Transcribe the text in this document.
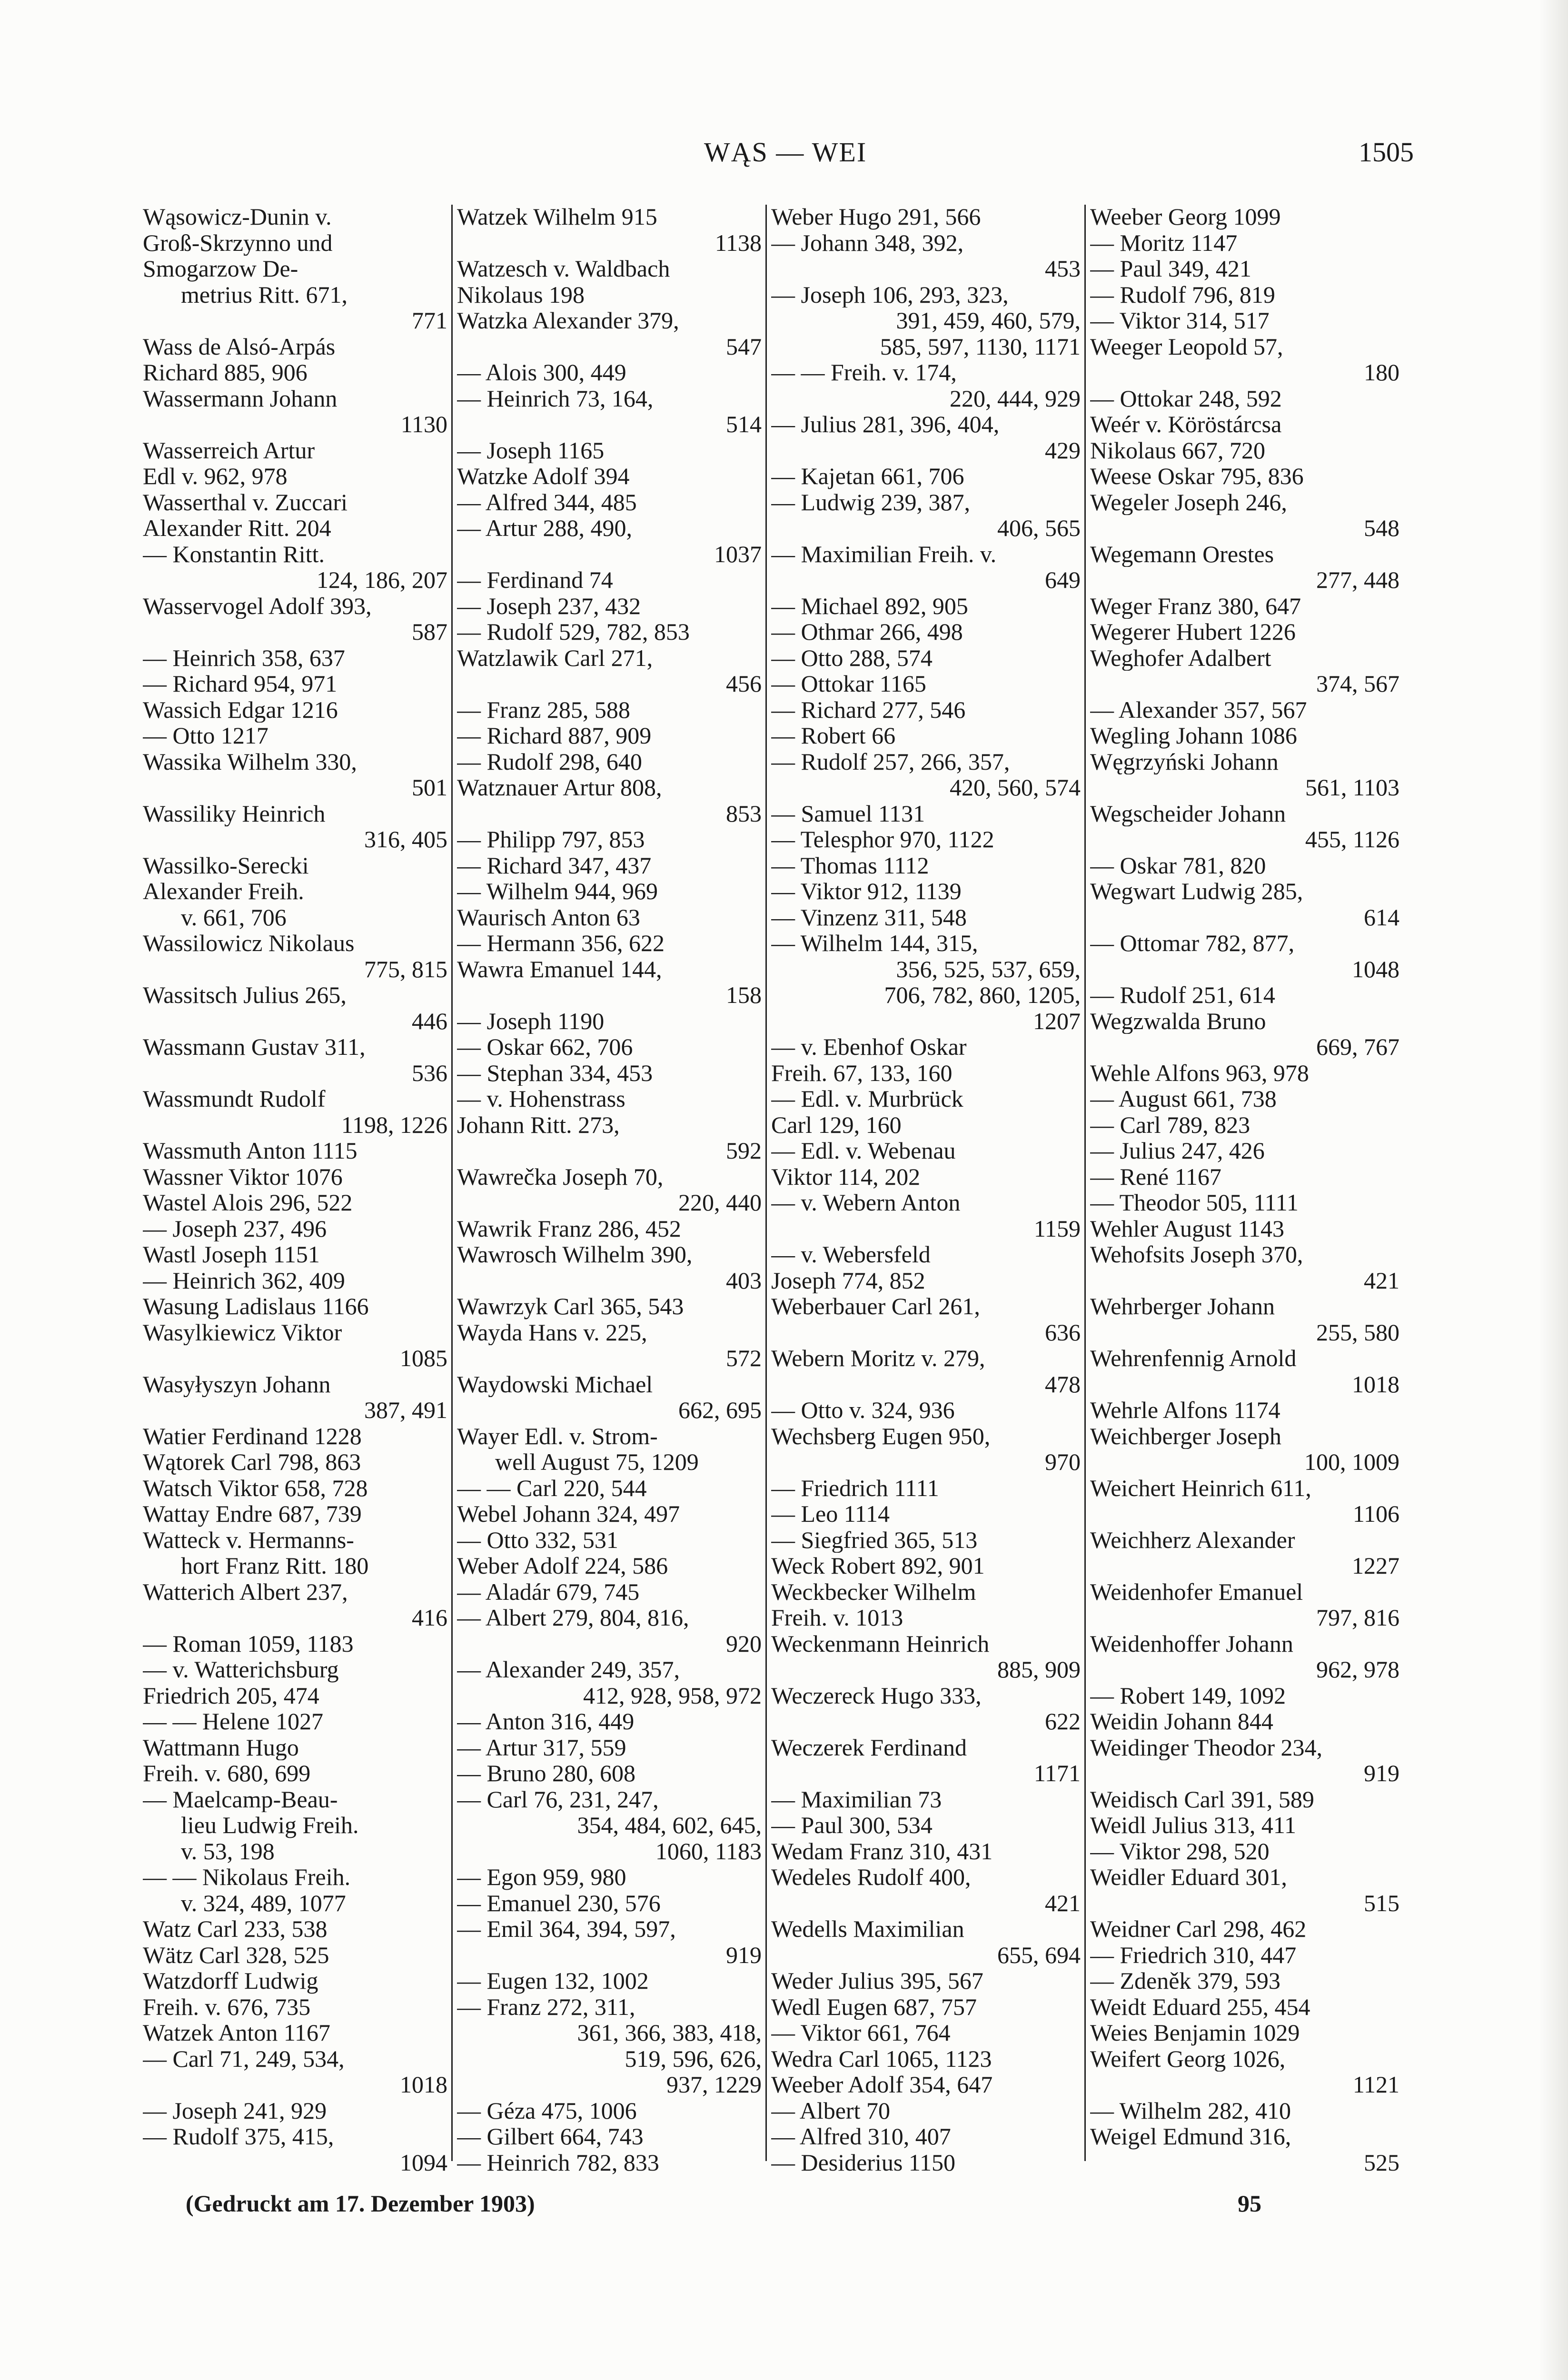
WĄS — WEI	1505
Wąsowicz-Dunin v.
Groß-Skrzynno und
Smogarzow De-
metrius Ritt. 671,
771
Wass de Alsó-Arpás
Richard 885, 906
Wassermann Johann
1130
Wasserreich Artur
Edl v. 962, 978
Wasserthal v. Zuccari
Alexander Ritt. 204
— Konstantin Ritt.
124, 186, 207
Wasservogel Adolf 393,
587
— Heinrich 358, 637
— Richard 954, 971
Wassich Edgar 1216
— Otto 1217
Wassika Wilhelm 330,
501
Wassiliky Heinrich
316, 405
Wassilko-Serecki
Alexander Freih.
v. 661, 706
Wassilowicz Nikolaus
775, 815
Wassitsch Julius 265,
446
Wassmann Gustav 311,
536
Wassmundt Rudolf
1198, 1226
Wassmuth Anton 1115
Wassner Viktor 1076
Wastel Alois 296, 522
— Joseph 237, 496
Wastl Joseph 1151
— Heinrich 362, 409
Wasung Ladislaus 1166
Wasylkiewicz Viktor
1085
Wasyłyszyn Johann
387, 491
Watier Ferdinand 1228
Wątorek Carl 798, 863
Watsch Viktor 658, 728
Wattay Endre 687, 739
Watteck v. Hermanns-
hort Franz Ritt. 180
Watterich Albert 237,
416
— Roman 1059, 1183
— v. Watterichsburg
Friedrich 205, 474
— — Helene 1027
Wattmann Hugo
Freih. v. 680, 699
— Maelcamp-Beau-
lieu Ludwig Freih.
v. 53, 198
— — Nikolaus Freih.
v. 324, 489, 1077
Watz Carl 233, 538
Wätz Carl 328, 525
Watzdorff Ludwig
Freih. v. 676, 735
Watzek Anton 1167
— Carl 71, 249, 534,
1018
— Joseph 241, 929
— Rudolf 375, 415,
1094
Watzek Wilhelm 915
1138
Watzesch v. Waldbach
Nikolaus 198
Watzka Alexander 379,
547
— Alois 300, 449
— Heinrich 73, 164,
514
— Joseph 1165
Watzke Adolf 394
— Alfred 344, 485
— Artur 288, 490,
1037
— Ferdinand 74
— Joseph 237, 432
— Rudolf 529, 782, 853
Watzlawik Carl 271,
456
— Franz 285, 588
— Richard 887, 909
— Rudolf 298, 640
Watznauer Artur 808,
853
— Philipp 797, 853
— Richard 347, 437
— Wilhelm 944, 969
Waurisch Anton 63
— Hermann 356, 622
Wawra Emanuel 144,
158
— Joseph 1190
— Oskar 662, 706
— Stephan 334, 453
— v. Hohenstrass
Johann Ritt. 273,
592
Wawrečka Joseph 70,
220, 440
Wawrik Franz 286, 452
Wawrosch Wilhelm 390,
403
Wawrzyk Carl 365, 543
Wayda Hans v. 225,
572
Waydowski Michael
662, 695
Wayer Edl. v. Strom-
well August 75, 1209
— — Carl 220, 544
Webel Johann 324, 497
— Otto 332, 531
Weber Adolf 224, 586
— Aladár 679, 745
— Albert 279, 804, 816,
920
— Alexander 249, 357,
412, 928, 958, 972
— Anton 316, 449
— Artur 317, 559
— Bruno 280, 608
— Carl 76, 231, 247,
354, 484, 602, 645,
1060, 1183
— Egon 959, 980
— Emanuel 230, 576
— Emil 364, 394, 597,
919
— Eugen 132, 1002
— Franz 272, 311,
361, 366, 383, 418,
519, 596, 626,
937, 1229
— Géza 475, 1006
— Gilbert 664, 743
— Heinrich 782, 833
Weber Hugo 291, 566
— Johann 348, 392,
453
— Joseph 106, 293, 323,
391, 459, 460, 579,
585, 597, 1130, 1171
— — Freih. v. 174,
220, 444, 929
— Julius 281, 396, 404,
429
— Kajetan 661, 706
— Ludwig 239, 387,
406, 565
— Maximilian Freih. v.
649
— Michael 892, 905
— Othmar 266, 498
— Otto 288, 574
— Ottokar 1165
— Richard 277, 546
— Robert 66
— Rudolf 257, 266, 357,
420, 560, 574
— Samuel 1131
— Telesphor 970, 1122
— Thomas 1112
— Viktor 912, 1139
— Vinzenz 311, 548
— Wilhelm 144, 315,
356, 525, 537, 659,
706, 782, 860, 1205,
1207
— v. Ebenhof Oskar
Freih. 67, 133, 160
— Edl. v. Murbrück
Carl 129, 160
— Edl. v. Webenau
Viktor 114, 202
— v. Webern Anton
1159
— v. Webersfeld
Joseph 774, 852
Weberbauer Carl 261,
636
Webern Moritz v. 279,
478
— Otto v. 324, 936
Wechsberg Eugen 950,
970
— Friedrich 1111
— Leo 1114
— Siegfried 365, 513
Weck Robert 892, 901
Weckbecker Wilhelm
Freih. v. 1013
Weckenmann Heinrich
885, 909
Weczereck Hugo 333,
622
Weczerek Ferdinand
1171
— Maximilian 73
— Paul 300, 534
Wedam Franz 310, 431
Wedeles Rudolf 400,
421
Wedells Maximilian
655, 694
Weder Julius 395, 567
Wedl Eugen 687, 757
— Viktor 661, 764
Wedra Carl 1065, 1123
Weeber Adolf 354, 647
— Albert 70
— Alfred 310, 407
— Desiderius 1150
Weeber Georg 1099
— Moritz 1147
— Paul 349, 421
— Rudolf 796, 819
— Viktor 314, 517
Weeger Leopold 57,
180
— Ottokar 248, 592
Weér v. Köröstárcsa
Nikolaus 667, 720
Weese Oskar 795, 836
Wegeler Joseph 246,
548
Wegemann Orestes
277, 448
Weger Franz 380, 647
Wegerer Hubert 1226
Weghofer Adalbert
374, 567
— Alexander 357, 567
Wegling Johann 1086
Węgrzyński Johann
561, 1103
Wegscheider Johann
455, 1126
— Oskar 781, 820
Wegwart Ludwig 285,
614
— Ottomar 782, 877,
1048
— Rudolf 251, 614
Wegzwalda Bruno
669, 767
Wehle Alfons 963, 978
— August 661, 738
— Carl 789, 823
— Julius 247, 426
— René 1167
— Theodor 505, 1111
Wehler August 1143
Wehofsits Joseph 370,
421
Wehrberger Johann
255, 580
Wehrenfennig Arnold
1018
Wehrle Alfons 1174
Weichberger Joseph
100, 1009
Weichert Heinrich 611,
1106
Weichherz Alexander
1227
Weidenhofer Emanuel
797, 816
Weidenhoffer Johann
962, 978
— Robert 149, 1092
Weidin Johann 844
Weidinger Theodor 234,
919
Weidisch Carl 391, 589
Weidl Julius 313, 411
— Viktor 298, 520
Weidler Eduard 301,
515
Weidner Carl 298, 462
— Friedrich 310, 447
— Zdeněk 379, 593
Weidt Eduard 255, 454
Weies Benjamin 1029
Weifert Georg 1026,
1121
— Wilhelm 282, 410
Weigel Edmund 316,
525
(Gedruckt am 17. Dezember 1903)	95
